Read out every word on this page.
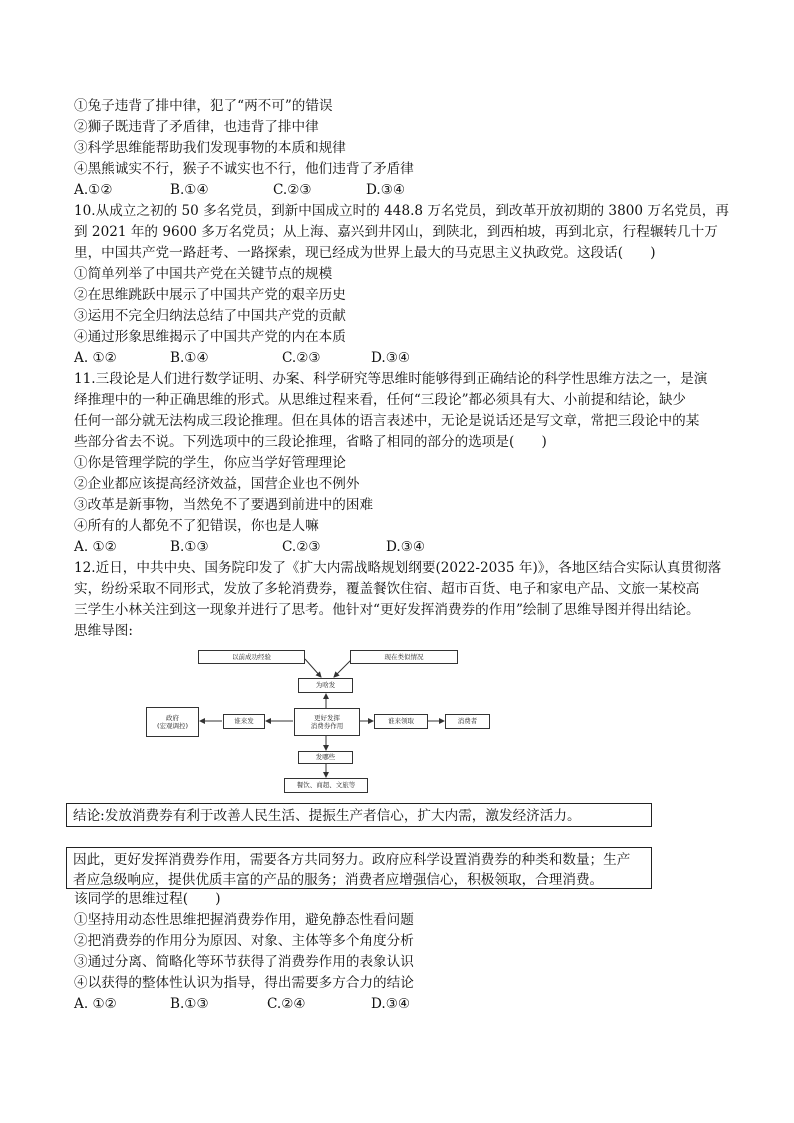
①兔子违背了排中律，犯了“两不可”的错误
②狮子既违背了矛盾律，也违背了排中律
③科学思维能帮助我们发现事物的本质和规律
④黑熊诚实不行，猴子不诚实也不行，他们违背了矛盾律
A.①②	B.①④	C.②③	D.③④
10.从成立之初的 50 多名党员，到新中国成立时的 448.8 万名党员，到改革开放初期的 3800 万名党员，再
到 2021 年的 9600 多万名党员；从上海、嘉兴到井冈山，到陕北，到西柏坡，再到北京，行程辗转几十万
里，中国共产党一路赶考、一路探索，现已经成为世界上最大的马克思主义执政党。这段话(　　)
①简单列举了中国共产党在关键节点的规模
②在思维跳跃中展示了中国共产党的艰辛历史
③运用不完全归纳法总结了中国共产党的贡献
④通过形象思维揭示了中国共产党的内在本质
A. ①②	B.①④	C.②③	D.③④
11.三段论是人们进行数学证明、办案、科学研究等思维时能够得到正确结论的科学性思维方法之一，是演
绎推理中的一种正确思维的形式。从思维过程来看，任何“三段论”都必须具有大、小前提和结论，缺少
任何一部分就无法构成三段论推理。但在具体的语言表述中，无论是说话还是写文章，常把三段论中的某
些部分省去不说。下列选项中的三段论推理，省略了相同的部分的选项是(　　)
①你是管理学院的学生，你应当学好管理理论
②企业都应该提高经济效益，国营企业也不例外
③改革是新事物，当然免不了要遇到前进中的困难
④所有的人都免不了犯错误，你也是人嘛
A. ①②	B.①③	C.②③	D.③④
12.近日，中共中央、国务院印发了《扩大内需战略规划纲要(2022-2035 年)》，各地区结合实际认真贯彻落
实，纷纷采取不同形式，发放了多轮消费券，覆盖餐饮住宿、超市百货、电子和家电产品、文旅一某校高
三学生小林关注到这一现象并进行了思考。他针对“更好发挥消费券的作用”绘制了思维导图并得出结论。
思维导图:
以前成功经验	现在类似情况
为啥发
政府
(宏观调控)
谁来发	更好发挥
消费券作用
谁来领取	消费者
发哪些
餐饮、商超、文旅等
结论:发放消费券有利于改善人民生活、提振生产者信心，扩大内需，激发经济活力。
因此，更好发挥消费券作用，需要各方共同努力。政府应科学设置消费券的种类和数量；生产
者应急级响应，提供优质丰富的产品的服务；消费者应增强信心，积极领取，合理消费。
该同学的思维过程(　　)
①坚持用动态性思维把握消费券作用，避免静态性看问题
②把消费券的作用分为原因、对象、主体等多个角度分析
③通过分离、简略化等环节获得了消费券作用的表象认识
④以获得的整体性认识为指导，得出需要多方合力的结论
A. ①②	B.①③	C.②④	D.③④
